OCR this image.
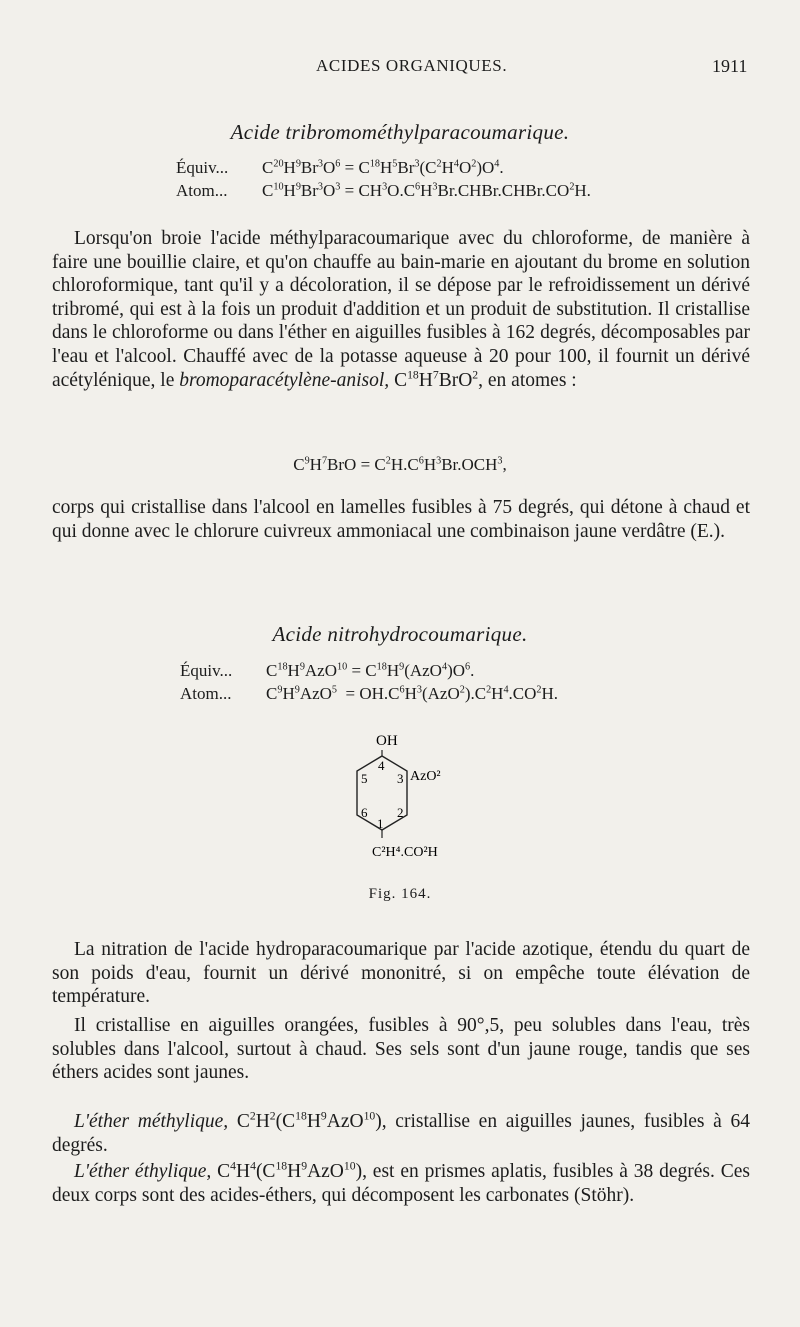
ACIDES ORGANIQUES.	1911
Acide tribromométhylparacoumarique.
Équiv... $C^{20}H^9Br^3O^6 = C^{18}H^5Br^3(C^2H^4O^2)O^4$.
Atom... $C^{10}H^9Br^3O^3$ = $CH^3O.C^6H^3Br.CHBr.CHBr.CO^2H$.

Lorsqu'on broie l'acide méthylparacoumarique avec du chloroforme, de manière à faire une bouillie claire, et qu'on chauffe au bain-marie en ajoutant du brome en solution chloroformique, tant qu'il y a décoloration, il se dépose par le refroidissement un dérivé tribromé, qui est à la fois un produit d'addition et un produit de substitution. Il cristallise dans le chloroforme ou dans l'éther en aiguilles fusibles à 162 degrés, décomposables par l'eau et l'alcool. Chauffé avec de la potasse aqueuse à 20 pour 100, il fournit un dérivé acétylénique, le bromoparacétylène-anisol, $C^{18}H^7BrO^2$, en atomes :

$C^9H^7BrO = C^2H.C^6H^3Br.OCH^3$,

corps qui cristallise dans l'alcool en lamelles fusibles à 75 degrés, qui détone à chaud et qui donne avec le chlorure cuivreux ammoniacal une combinaison jaune verdâtre (E.).

Acide nitrohydrocoumarique.
Équiv... $C^{18}H^9AzO^{10} = C^{18}H^9(AzO^4)O^6$.
Atom... $C^9H^9AzO^5 = OH.C^6H^3(AzO^2).C^2H^4.CO^2H$.
OH
4
3
2
1
5
6
AzO²
C²H⁴.CO²H
Fig. 164.

La nitration de l'acide hydroparacoumarique par l'acide azotique, étendu du quart de son poids d'eau, fournit un dérivé mononitré, si on empêche toute élévation de température.

Il cristallise en aiguilles orangées, fusibles à 90°,5, peu solubles dans l'eau, très solubles dans l'alcool, surtout à chaud. Ses sels sont d'un jaune rouge, tandis que ses éthers acides sont jaunes.

L'éther méthylique, $C^2H^2(C^{18}H^9AzO^{10})$, cristallise en aiguilles jaunes, fusibles à 64 degrés.

L'éther éthylique, $C^4H^4(C^{18}H^9AzO^{10})$, est en prismes aplatis, fusibles à 38 degrés. Ces deux corps sont des acides-éthers, qui décomposent les carbonates (Stöhr).
